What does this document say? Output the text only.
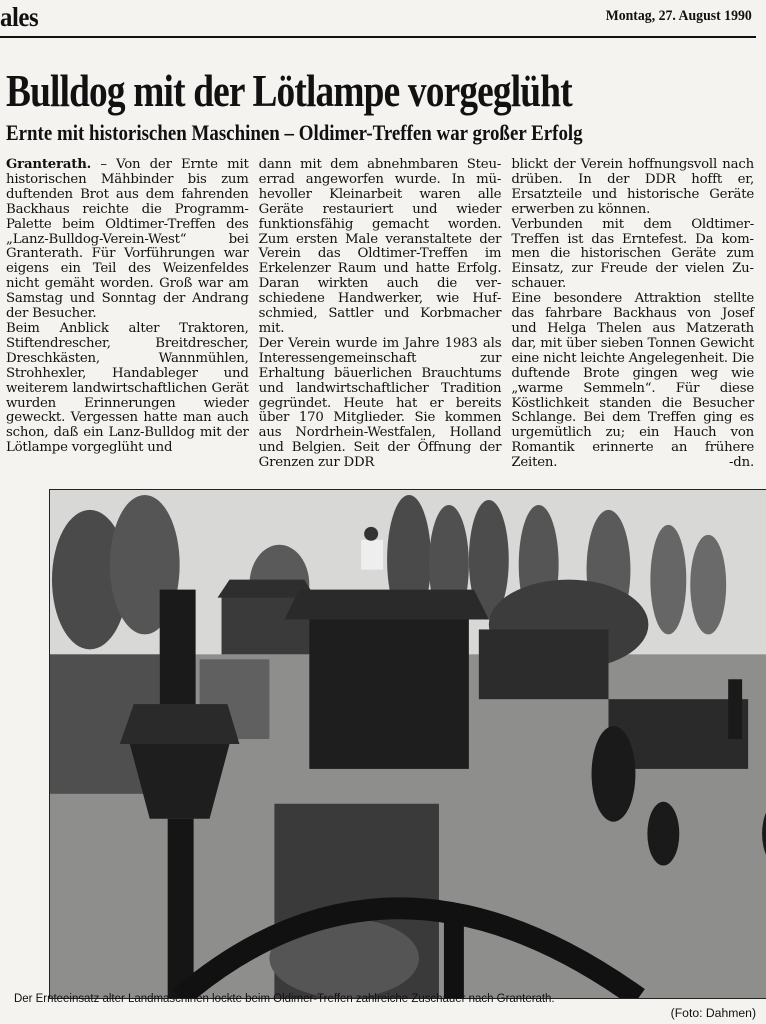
ales	Montag, 27. August 1990
Bulldog mit der Lötlampe vorgeglüht
Ernte mit historischen Maschinen – Oldimer-Treffen war großer Erfolg

Granterath. – Von der Ernte mit historischen Mähbinder bis zum duftenden Brot aus dem fahrenden Backhaus reichte die Programm-Palette beim Oldtimer-Treffen des „Lanz-Bulldog-Verein-West“ bei Granterath. Für Vorführungen war eigens ein Teil des Weizenfeldes nicht gemäht worden. Groß war am Samstag und Sonntag der Andrang der Besucher.

Beim Anblick alter Traktoren, Stiftendrescher, Breitdrescher, Dreschkästen, Wannmühlen, Strohhexler, Handableger und weiterem landwirtschaftlichen Gerät wurden Erinnerungen wieder geweckt. Vergessen hatte man auch schon, daß ein Lanz-Bulldog mit der Lötlampe vorgeglüht und

dann mit dem abnehmbaren Steuerrad angeworfen wurde. In mühevoller Kleinarbeit waren alle Geräte restauriert und wieder funktionsfähig gemacht worden. Zum ersten Male veranstaltete der Verein das Oldtimer-Treffen im Erkelenzer Raum und hatte Erfolg. Daran wirkten auch die verschiedene Handwerker, wie Hufschmied, Sattler und Korbmacher mit.

Der Verein wurde im Jahre 1983 als Interessengemeinschaft zur Erhaltung bäuerlichen Brauchtums und landwirtschaftlicher Tradition gegründet. Heute hat er bereits über 170 Mitglieder. Sie kommen aus Nordrhein-Westfalen, Holland und Belgien. Seit der Öffnung der Grenzen zur DDR

blickt der Verein hoffnungsvoll nach drüben. In der DDR hofft er, Ersatzteile und historische Geräte erwerben zu können.

Verbunden mit dem Oldtimer-Treffen ist das Erntefest. Da kommen die historischen Geräte zum Einsatz, zur Freude der vielen Zuschauer.

Eine besondere Attraktion stellte das fahrbare Backhaus von Josef und Helga Thelen aus Matzerath dar, mit über sieben Tonnen Gewicht eine nicht leichte Angelegenheit. Die duftende Brote gingen weg wie „warme Semmeln“. Für diese Köstlichkeit standen die Besucher Schlange. Bei dem Treffen ging es urgemütlich zu; ein Hauch von Romantik erinnerte an frühere Zeiten.	-dn.

Der Ernteeinsatz alter Landmaschinen lockte beim Oldimer-Treffen zahlreiche Zuschauer nach Granterath.

(Foto: Dahmen)
